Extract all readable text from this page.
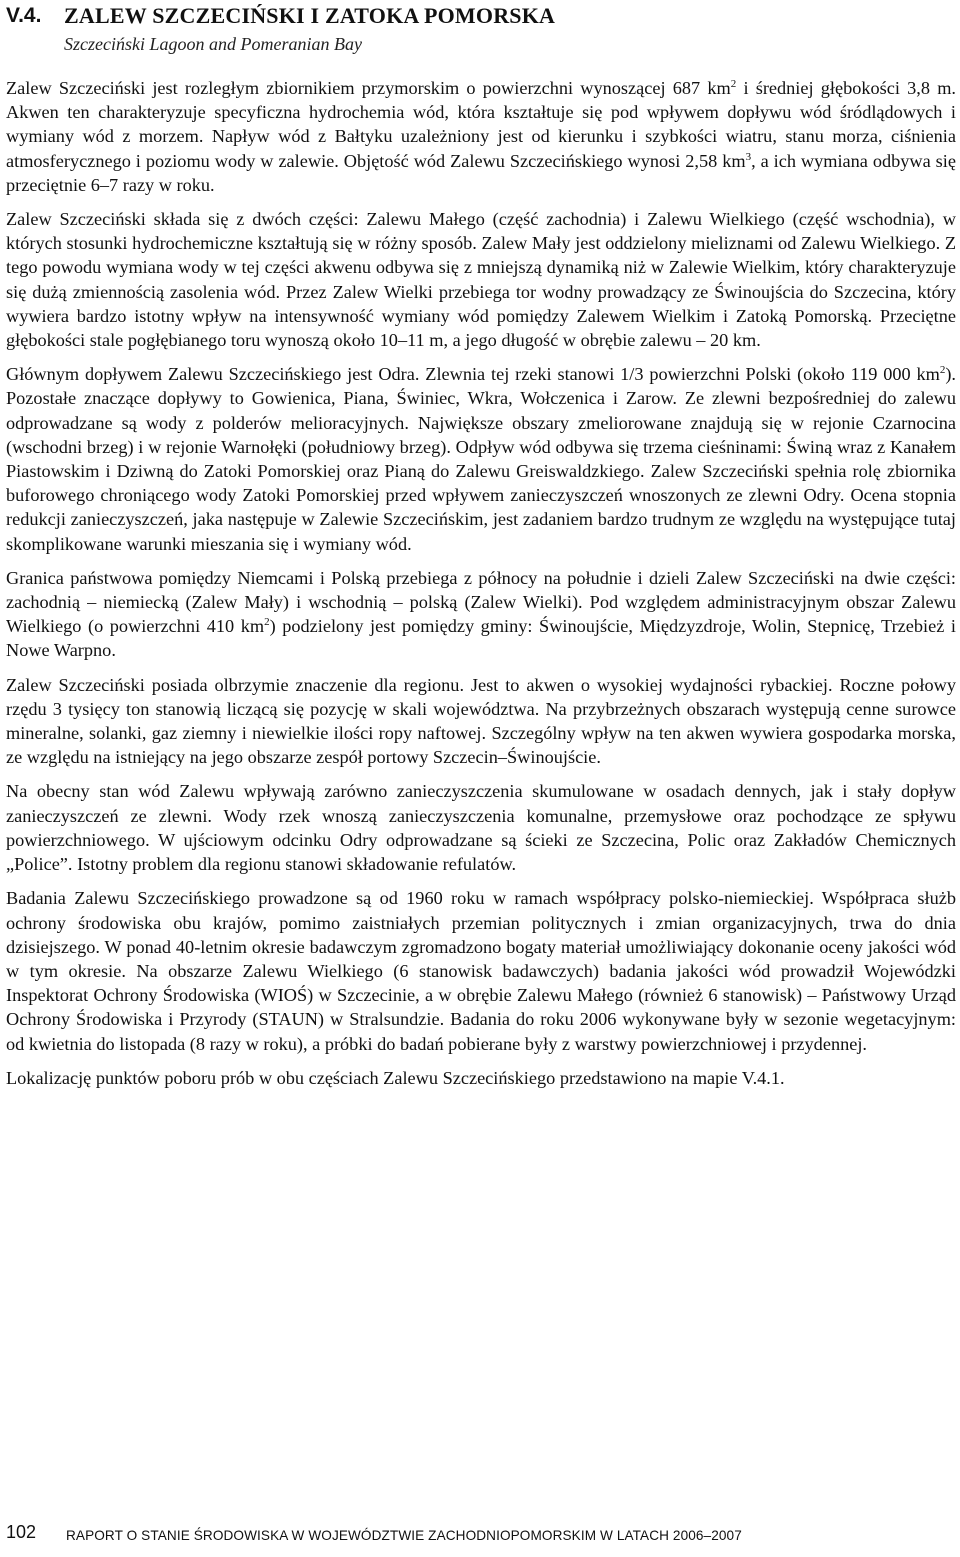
V.4. ZALEW SZCZECIŃSKI I ZATOKA POMORSKA
Szczeciński Lagoon and Pomeranian Bay

Zalew Szczeciński jest rozległym zbiornikiem przymorskim o powierzchni wynoszącej 687 $km^2$ i średniej głębokości 3,8 m. Akwen ten charakteryzuje specyficzna hydrochemia wód, która kształtuje się pod wpływem dopływu wód śródlądowych i wymiany wód z morzem. Napływ wód z Bałtyku uzależniony jest od kierunku i szybkości wiatru, stanu morza, ciśnienia atmosferycznego i poziomu wody w zalewie. Objętość wód Zalewu Szczecińskiego wynosi 2,58 $km^3$, a ich wymiana odbywa się przeciętnie 6–7 razy w roku.

Zalew Szczeciński składa się z dwóch części: Zalewu Małego (część zachodnia) i Zalewu Wielkiego (część wschodnia), w których stosunki hydrochemiczne kształtują się w różny sposób. Zalew Mały jest oddzielony mieliznami od Zalewu Wielkiego. Z tego powodu wymiana wody w tej części akwenu odbywa się z mniejszą dynamiką niż w Zalewie Wielkim, który charakteryzuje się dużą zmiennością zasolenia wód. Przez Zalew Wielki przebiega tor wodny prowadzący ze Świnoujścia do Szczecina, który wywiera bardzo istotny wpływ na intensywność wymiany wód pomiędzy Zalewem Wielkim i Zatoką Pomorską. Przeciętne głębokości stale pogłębianego toru wynoszą około 10–11 m, a jego długość w obrębie zalewu – 20 km.

Głównym dopływem Zalewu Szczecińskiego jest Odra. Zlewnia tej rzeki stanowi 1/3 powierzchni Polski (około 119 000 $km^2$). Pozostałe znaczące dopływy to Gowienica, Piana, Świniec, Wkra, Wołczenica i Zarow. Ze zlewni bezpośredniej do zalewu odprowadzane są wody z polderów melioracyjnych. Największe obszary zmeliorowane znajdują się w rejonie Czarnocina (wschodni brzeg) i w rejonie Warnołęki (południowy brzeg). Odpływ wód odbywa się trzema cieśninami: Świną wraz z Kanałem Piastowskim i Dziwną do Zatoki Pomorskiej oraz Pianą do Zalewu Greiswaldzkiego. Zalew Szczeciński spełnia rolę zbiornika buforowego chroniącego wody Zatoki Pomorskiej przed wpływem zanieczyszczeń wnoszonych ze zlewni Odry. Ocena stopnia redukcji zanieczyszczeń, jaka następuje w Zalewie Szczecińskim, jest zadaniem bardzo trudnym ze względu na występujące tutaj skomplikowane warunki mieszania się i wymiany wód.

Granica państwowa pomiędzy Niemcami i Polską przebiega z północy na południe i dzieli Zalew Szczeciński na dwie części: zachodnią – niemiecką (Zalew Mały) i wschodnią – polską (Zalew Wielki). Pod względem administracyjnym obszar Zalewu Wielkiego (o powierzchni 410 $km^2$) podzielony jest pomiędzy gminy: Świnoujście, Międzyzdroje, Wolin, Stepnicę, Trzebież i Nowe Warpno.

Zalew Szczeciński posiada olbrzymie znaczenie dla regionu. Jest to akwen o wysokiej wydajności rybackiej. Roczne połowy rzędu 3 tysięcy ton stanowią liczącą się pozycję w skali województwa. Na przybrzeżnych obszarach występują cenne surowce mineralne, solanki, gaz ziemny i niewielkie ilości ropy naftowej. Szczególny wpływ na ten akwen wywiera gospodarka morska, ze względu na istniejący na jego obszarze zespół portowy Szczecin–Świnoujście.

Na obecny stan wód Zalewu wpływają zarówno zanieczyszczenia skumulowane w osadach dennych, jak i stały dopływ zanieczyszczeń ze zlewni. Wody rzek wnoszą zanieczyszczenia komunalne, przemysłowe oraz pochodzące ze spływu powierzchniowego. W ujściowym odcinku Odry odprowadzane są ścieki ze Szczecina, Polic oraz Zakładów Chemicznych „Police”. Istotny problem dla regionu stanowi składowanie refulatów.

Badania Zalewu Szczecińskiego prowadzone są od 1960 roku w ramach współpracy polsko-niemieckiej. Współpraca służb ochrony środowiska obu krajów, pomimo zaistniałych przemian politycznych i zmian organizacyjnych, trwa do dnia dzisiejszego. W ponad 40-letnim okresie badawczym zgromadzono bogaty materiał umożliwiający dokonanie oceny jakości wód w tym okresie. Na obszarze Zalewu Wielkiego (6 stanowisk badawczych) badania jakości wód prowadził Wojewódzki Inspektorat Ochrony Środowiska (WIOŚ) w Szczecinie, a w obrębie Zalewu Małego (również 6 stanowisk) – Państwowy Urząd Ochrony Środowiska i Przyrody (STAUN) w Stralsundzie. Badania do roku 2006 wykonywane były w sezonie wegetacyjnym: od kwietnia do listopada (8 razy w roku), a próbki do badań pobierane były z warstwy powierzchniowej i przydennej.

Lokalizację punktów poboru prób w obu częściach Zalewu Szczecińskiego przedstawiono na mapie V.4.1.

102 RAPORT O STANIE ŚRODOWISKA W WOJEWÓDZTWIE ZACHODNIOPOMORSKIM W LATACH 2006–2007
